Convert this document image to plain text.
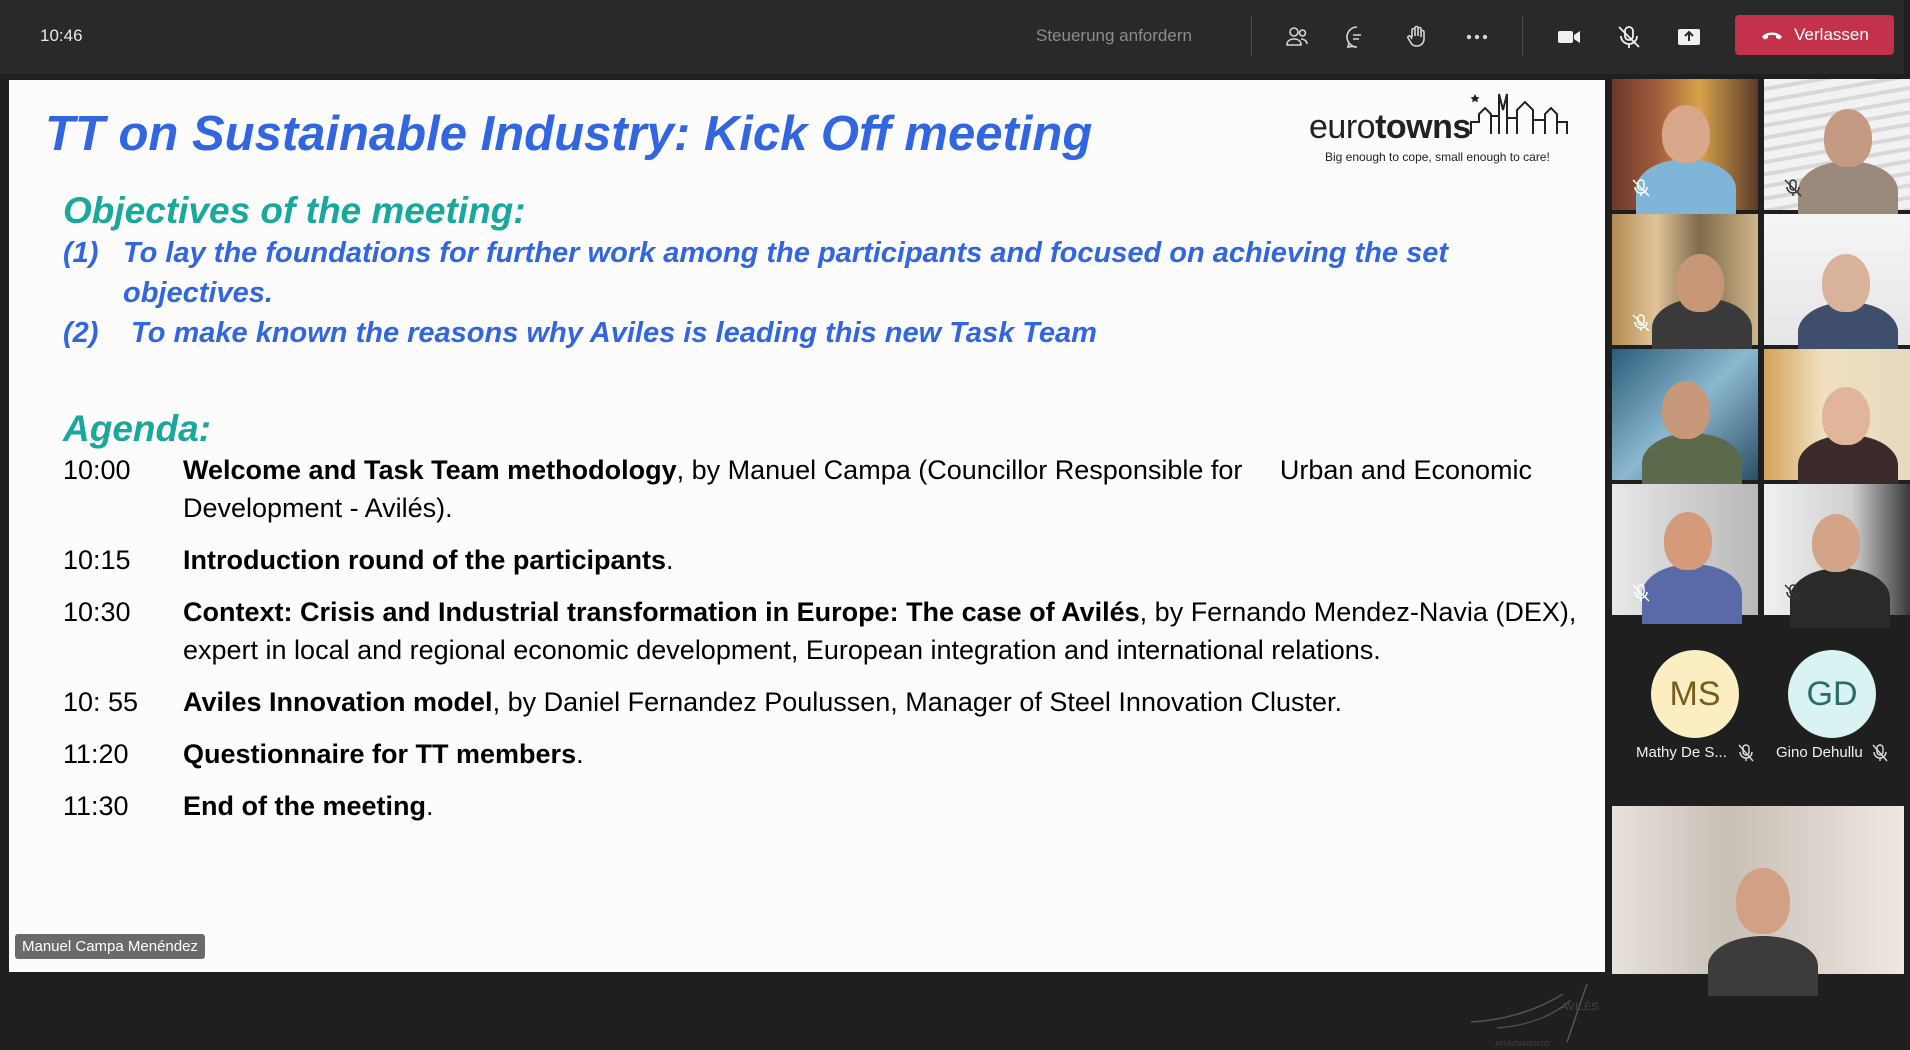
10:46	Steuerung anfordern	Verlassen
TT on Sustainable Industry: Kick Off meeting	eurotowns
Big enough to cope, small enough to care!
Objectives of the meeting:
(1) To lay the foundations for further work among the participants and focused on achieving the set
objectives.
(2) To make known the reasons why Aviles is leading this new Task Team
Agenda:
10:00 Welcome and Task Team methodology, by Manuel Campa (Councillor Responsible for     Urban and Economic
Development - Avilés).
10:15 Introduction round of the participants.
10:30 Context: Crisis and Industrial transformation in Europe: The case of Avilés, by Fernando Mendez-Navia (DEX),
expert in local and regional economic development, European integration and international relations.
10: 55 Aviles Innovation model, by Daniel Fernandez Poulussen, Manager of Steel Innovation Cluster.
11:20 Questionnaire for TT members.
11:30 End of the meeting.
AVILÉS
AYUNTAMIENTO
Manuel Campa Menéndez
MS
Mathy De S...
GD
Gino Dehullu
